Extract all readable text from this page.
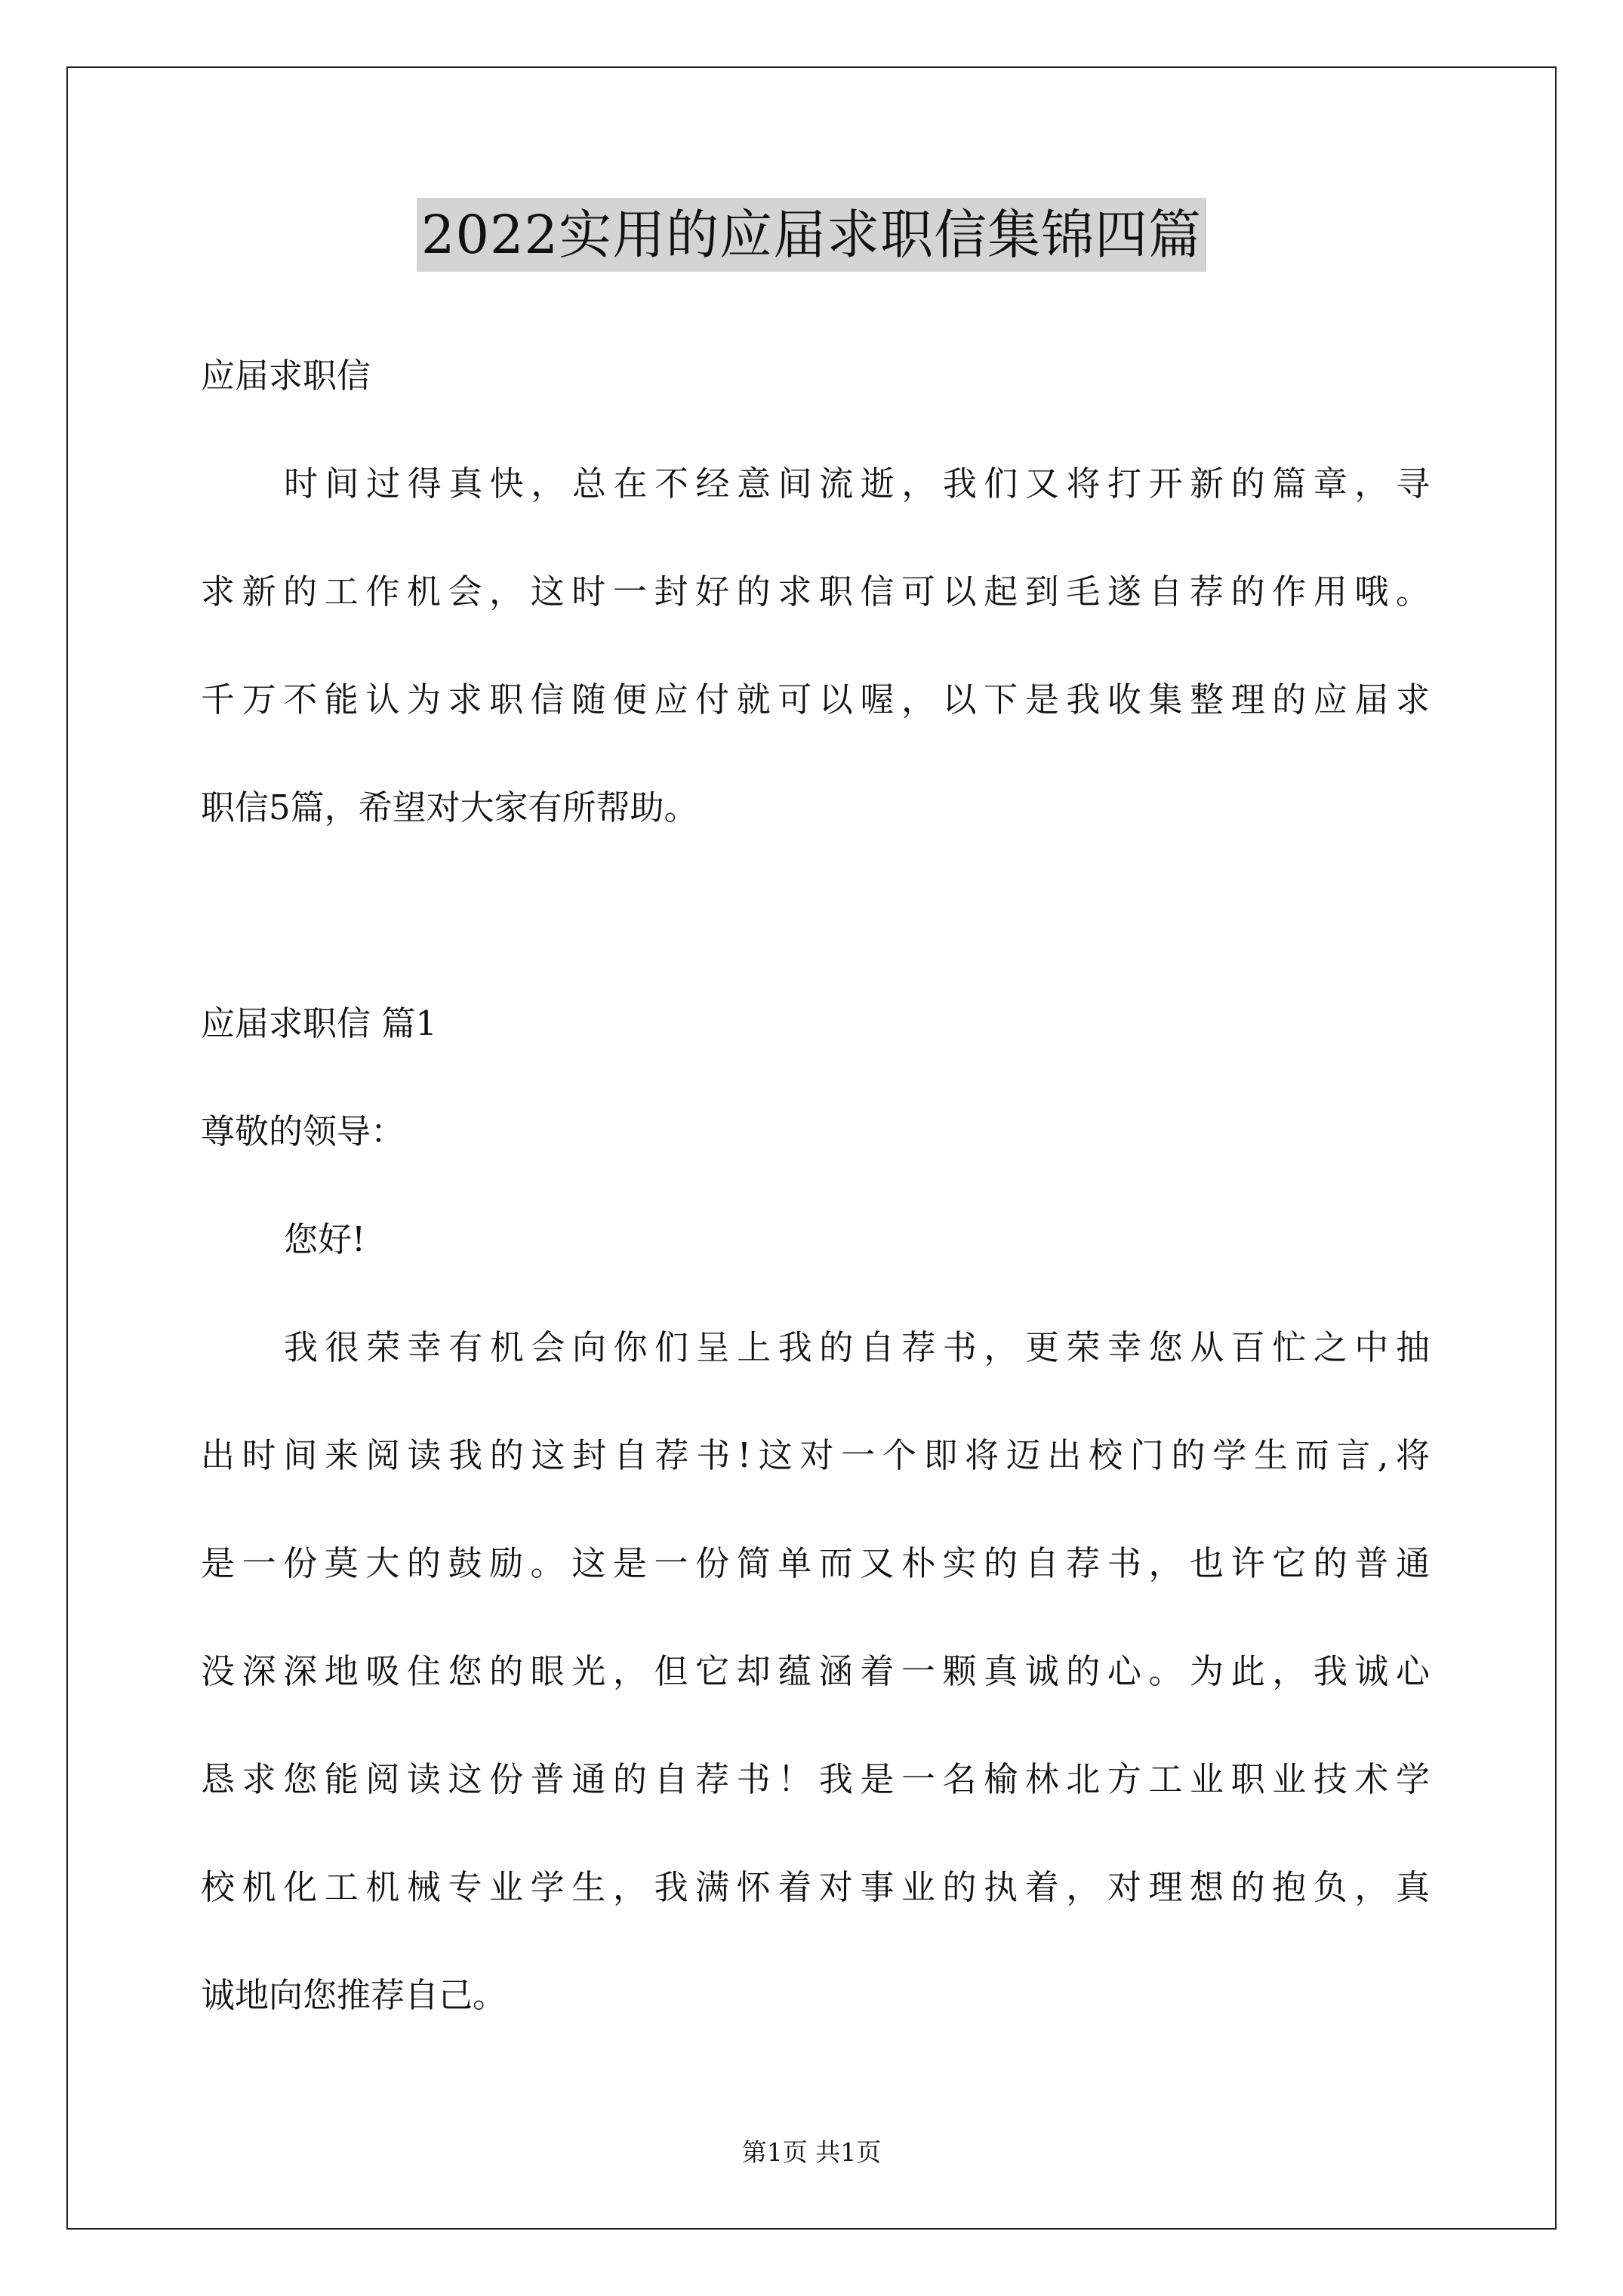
2022实用的应届求职信集锦四篇
应届求职信
时间过得真快，总在不经意间流逝，我们又将打开新的篇章，寻
求新的工作机会，这时一封好的求职信可以起到毛遂自荐的作用哦。
千万不能认为求职信随便应付就可以喔，以下是我收集整理的应届求
职信5篇，希望对大家有所帮助。
应届求职信 篇1
尊敬的领导：
您好!
我很荣幸有机会向你们呈上我的自荐书，更荣幸您从百忙之中抽
出时间来阅读我的这封自荐书!这对一个即将迈出校门的学生而言,将
是一份莫大的鼓励。这是一份简单而又朴实的自荐书，也许它的普通
没深深地吸住您的眼光，但它却蕴涵着一颗真诚的心。为此，我诚心
恳求您能阅读这份普通的自荐书！我是一名榆林北方工业职业技术学
校机化工机械专业学生，我满怀着对事业的执着，对理想的抱负，真
诚地向您推荐自己。
第1页 共1页
